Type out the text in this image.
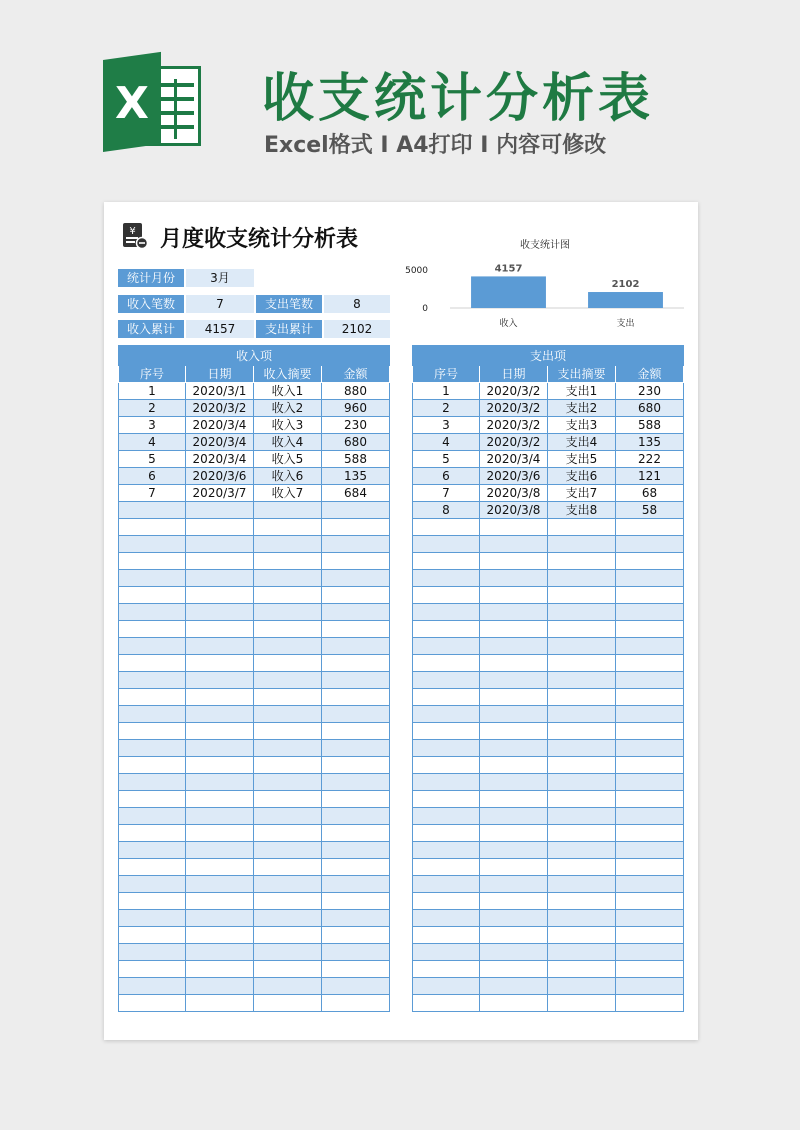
X 收支统计分析表
Excel格式 I A4打印 I 内容可修改
¥ 月度收支统计分析表
统计月份	3月
收入笔数	7	支出笔数	8
收入累计	4157	支出累计	2102
收支统计图
5000
0
4157
收入
2102
支出
收入项			
序号	日期	收入摘要	金额
1	2020/3/1	收入1	880
2	2020/3/2	收入2	960
3	2020/3/4	收入3	230
4	2020/3/4	收入4	680
5	2020/3/4	收入5	588
6	2020/3/6	收入6	135
7	2020/3/7	收入7	684

支出项			
序号	日期	支出摘要	金额
1	2020/3/2	支出1	230
2	2020/3/2	支出2	680
3	2020/3/2	支出3	588
4	2020/3/2	支出4	135
5	2020/3/4	支出5	222
6	2020/3/6	支出6	121
7	2020/3/8	支出7	68
8	2020/3/8	支出8	58
